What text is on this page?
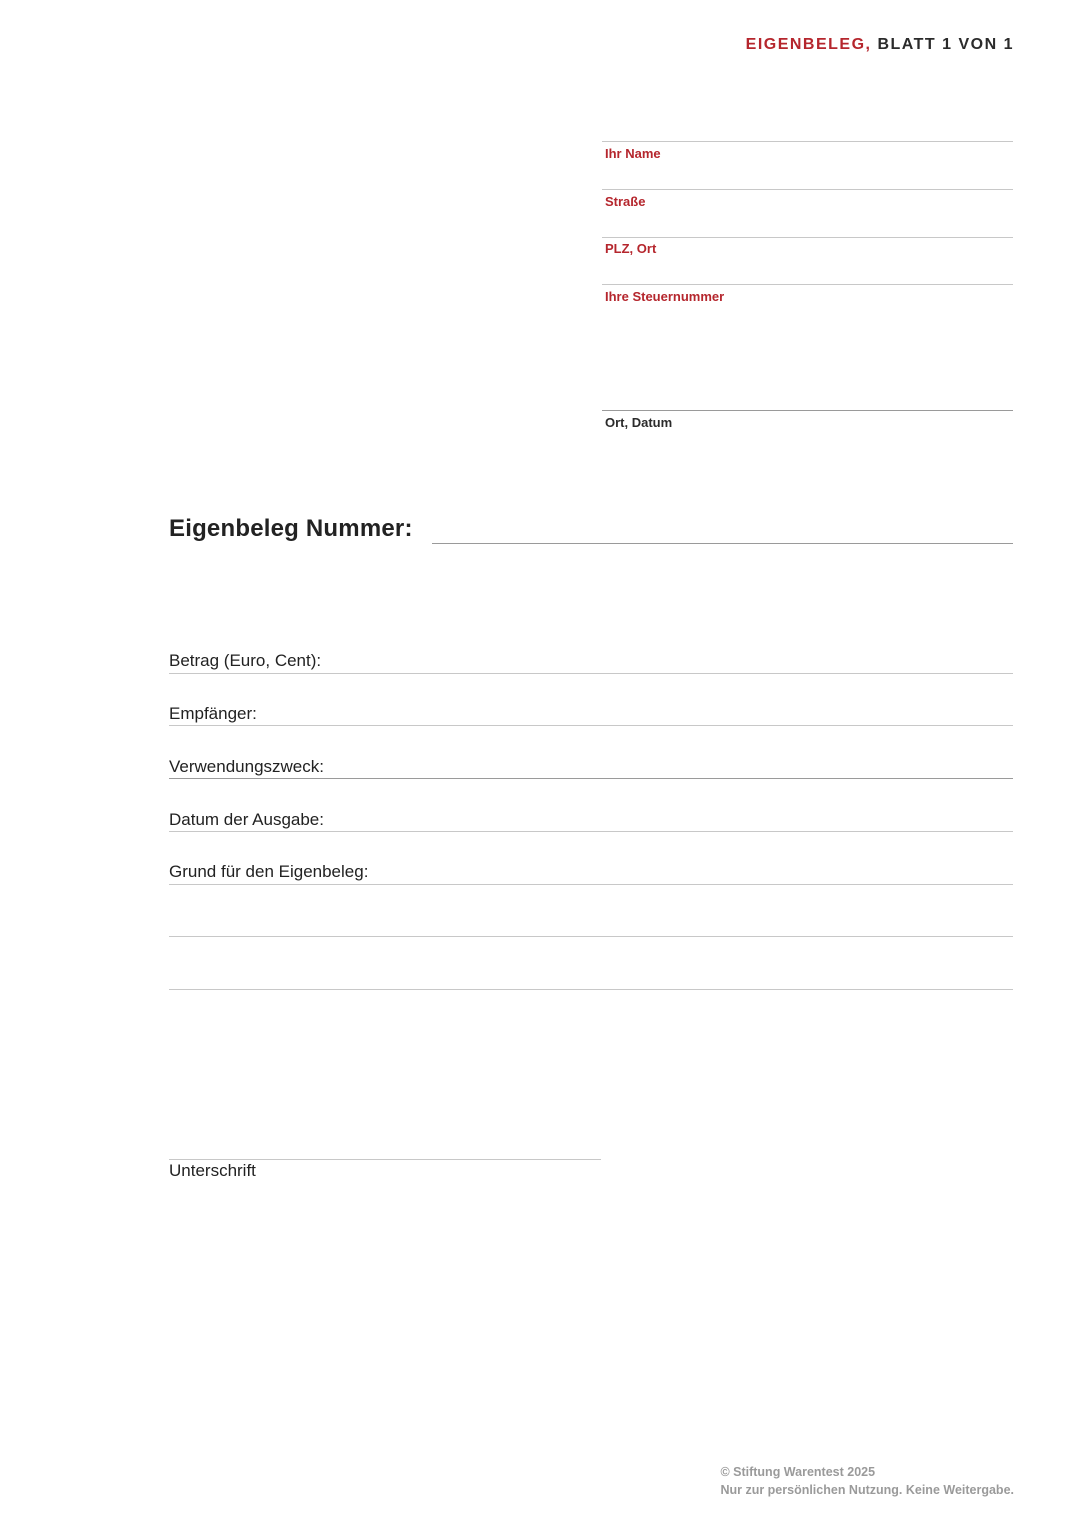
EIGENBELEG, BLATT 1 VON 1
Ihr Name
Straße
PLZ, Ort
Ihre Steuernummer
Ort, Datum
Eigenbeleg Nummer:
Betrag (Euro, Cent):
Empfänger:
Verwendungszweck:
Datum der Ausgabe:
Grund für den Eigenbeleg:
Unterschrift
© Stiftung Warentest 2025
Nur zur persönlichen Nutzung. Keine Weitergabe.
